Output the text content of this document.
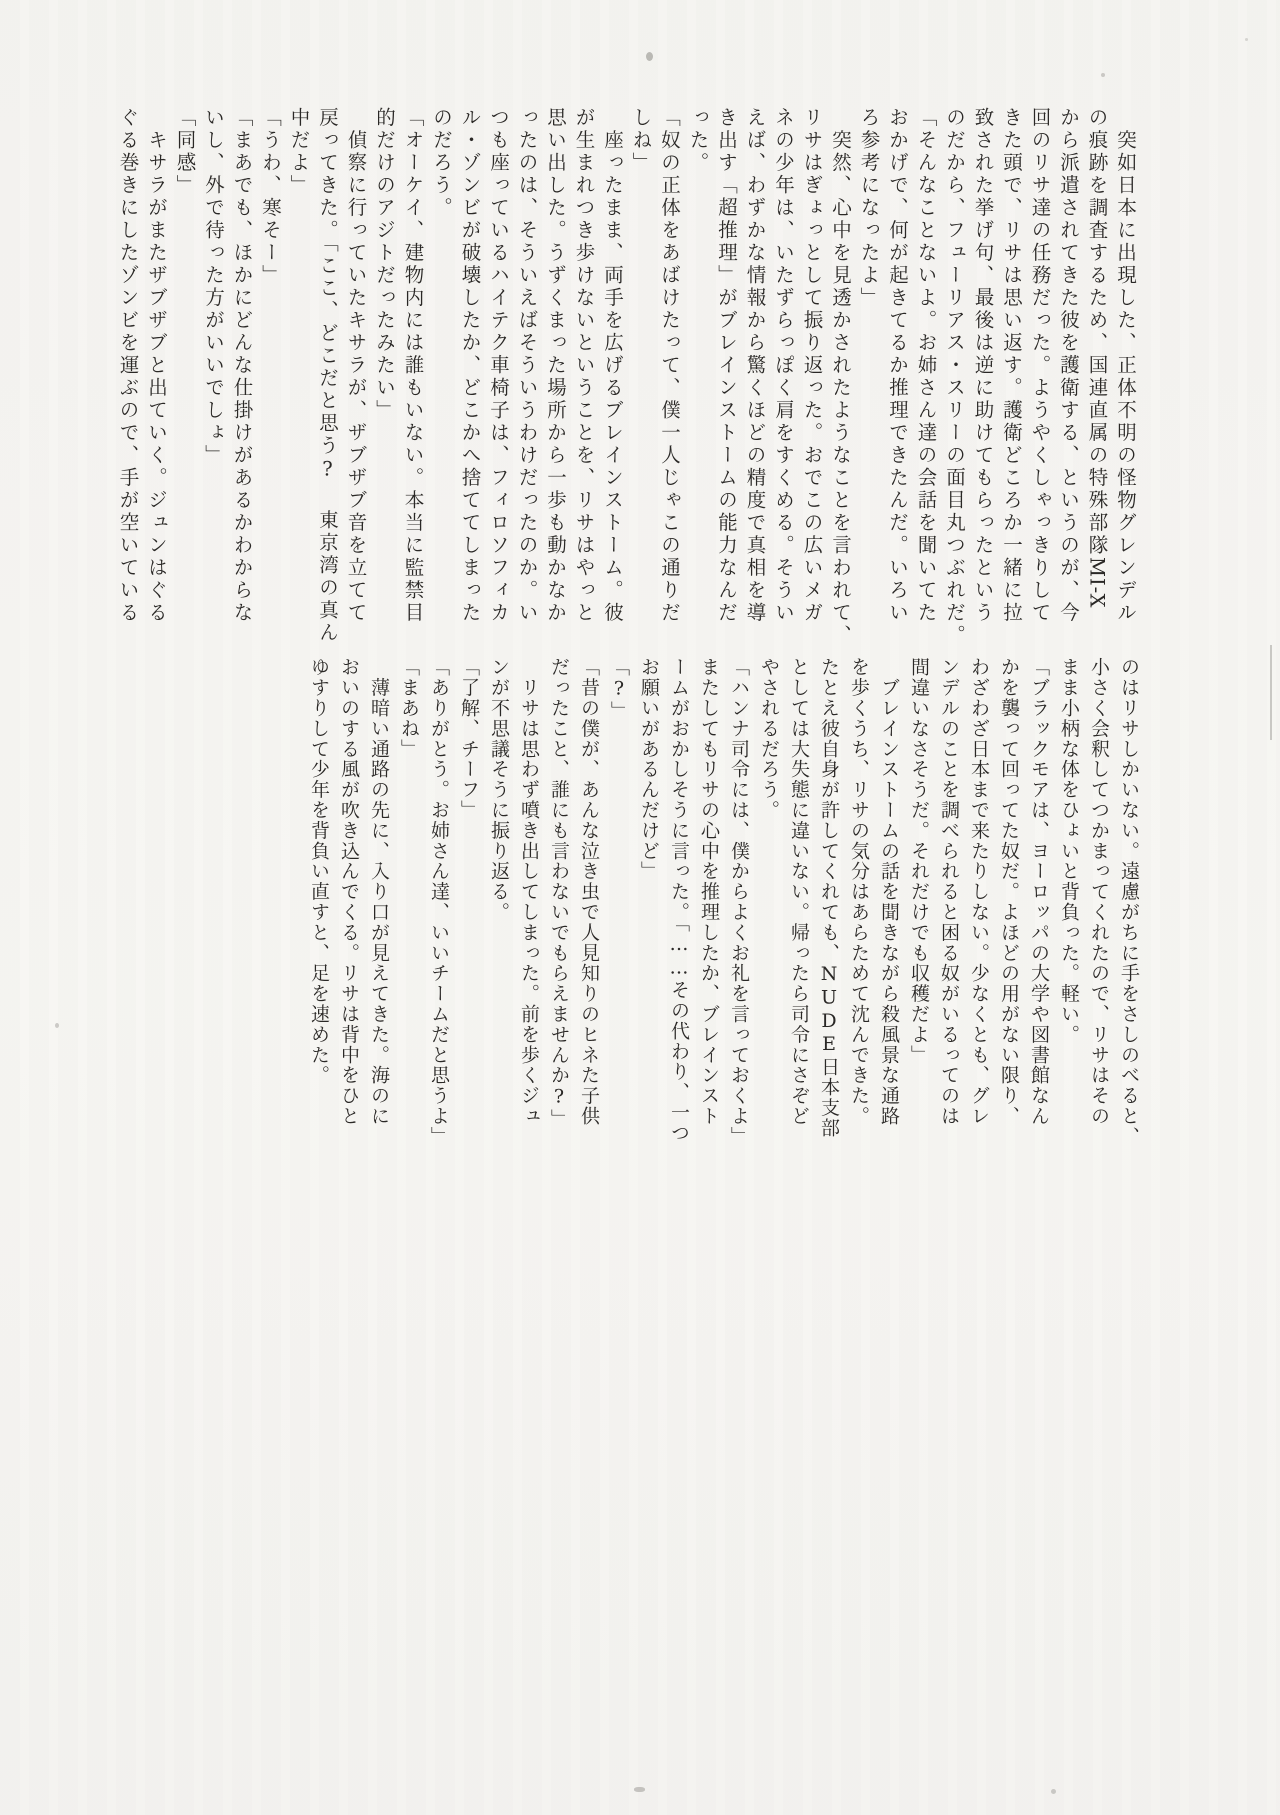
　突如日本に出現した、正体不明の怪物グレンデル
の痕跡を調査するため、国連直属の特殊部隊MI-X
から派遣されてきた彼を護衛する、というのが、今
回のリサ達の任務だった。ようやくしゃっきりして
きた頭で、リサは思い返す。護衛どころか一緒に拉
致された挙げ句、最後は逆に助けてもらったという
のだから、フューリアス・スリーの面目丸つぶれだ。
「そんなことないよ。お姉さん達の会話を聞いてた
おかげで、何が起きてるか推理できたんだ。いろい
ろ参考になったよ」
　突然、心中を見透かされたようなことを言われて、
リサはぎょっとして振り返った。おでこの広いメガ
ネの少年は、いたずらっぽく肩をすくめる。そうい
えば、わずかな情報から驚くほどの精度で真相を導
き出す「超推理」がブレインストームの能力なんだ
った。
「奴の正体をあばけたって、僕一人じゃこの通りだ
しね」
　座ったまま、両手を広げるブレインストーム。彼
が生まれつき歩けないということを、リサはやっと
思い出した。うずくまった場所から一歩も動かなか
ったのは、そういえばそういうわけだったのか。い
つも座っているハイテク車椅子は、フィロソフィカ
ル・ゾンビが破壊したか、どこかへ捨ててしまった
のだろう。
「オーケイ、建物内には誰もいない。本当に監禁目
的だけのアジトだったみたい」
　偵察に行っていたキサラが、ザブザブ音を立てて
戻ってきた。「ここ、どこだと思う? 東京湾の真ん
中だよ」
「うわ、寒そー」
「まあでも、ほかにどんな仕掛けがあるかわからな
いし、外で待った方がいいでしょ」
「同感」
　キサラがまたザブザブと出ていく。ジュンはぐる
ぐる巻きにしたゾンビを運ぶので、手が空いている
のはリサしかいない。遠慮がちに手をさしのべると、
小さく会釈してつかまってくれたので、リサはその
まま小柄な体をひょいと背負った。軽い。
「ブラックモアは、ヨーロッパの大学や図書館なん
かを襲って回ってた奴だ。よほどの用がない限り、
わざわざ日本まで来たりしない。少なくとも、グレ
ンデルのことを調べられると困る奴がいるってのは
間違いなさそうだ。それだけでも収穫だよ」
　ブレインストームの話を聞きながら殺風景な通路
を歩くうち、リサの気分はあらためて沈んできた。
たとえ彼自身が許してくれても、NUDE日本支部
としては大失態に違いない。帰ったら司令にさぞど
やされるだろう。
「ハンナ司令には、僕からよくお礼を言っておくよ」
またしてもリサの心中を推理したか、ブレインスト
ームがおかしそうに言った。「……その代わり、一つ
お願いがあるんだけど」
「?」
「昔の僕が、あんな泣き虫で人見知りのヒネた子供
だったこと、誰にも言わないでもらえませんか?」
　リサは思わず噴き出してしまった。前を歩くジュ
ンが不思議そうに振り返る。
「了解、チーフ」
「ありがとう。お姉さん達、いいチームだと思うよ」
「まあね」
　薄暗い通路の先に、入り口が見えてきた。海のに
おいのする風が吹き込んでくる。リサは背中をひと
ゆすりして少年を背負い直すと、足を速めた。
